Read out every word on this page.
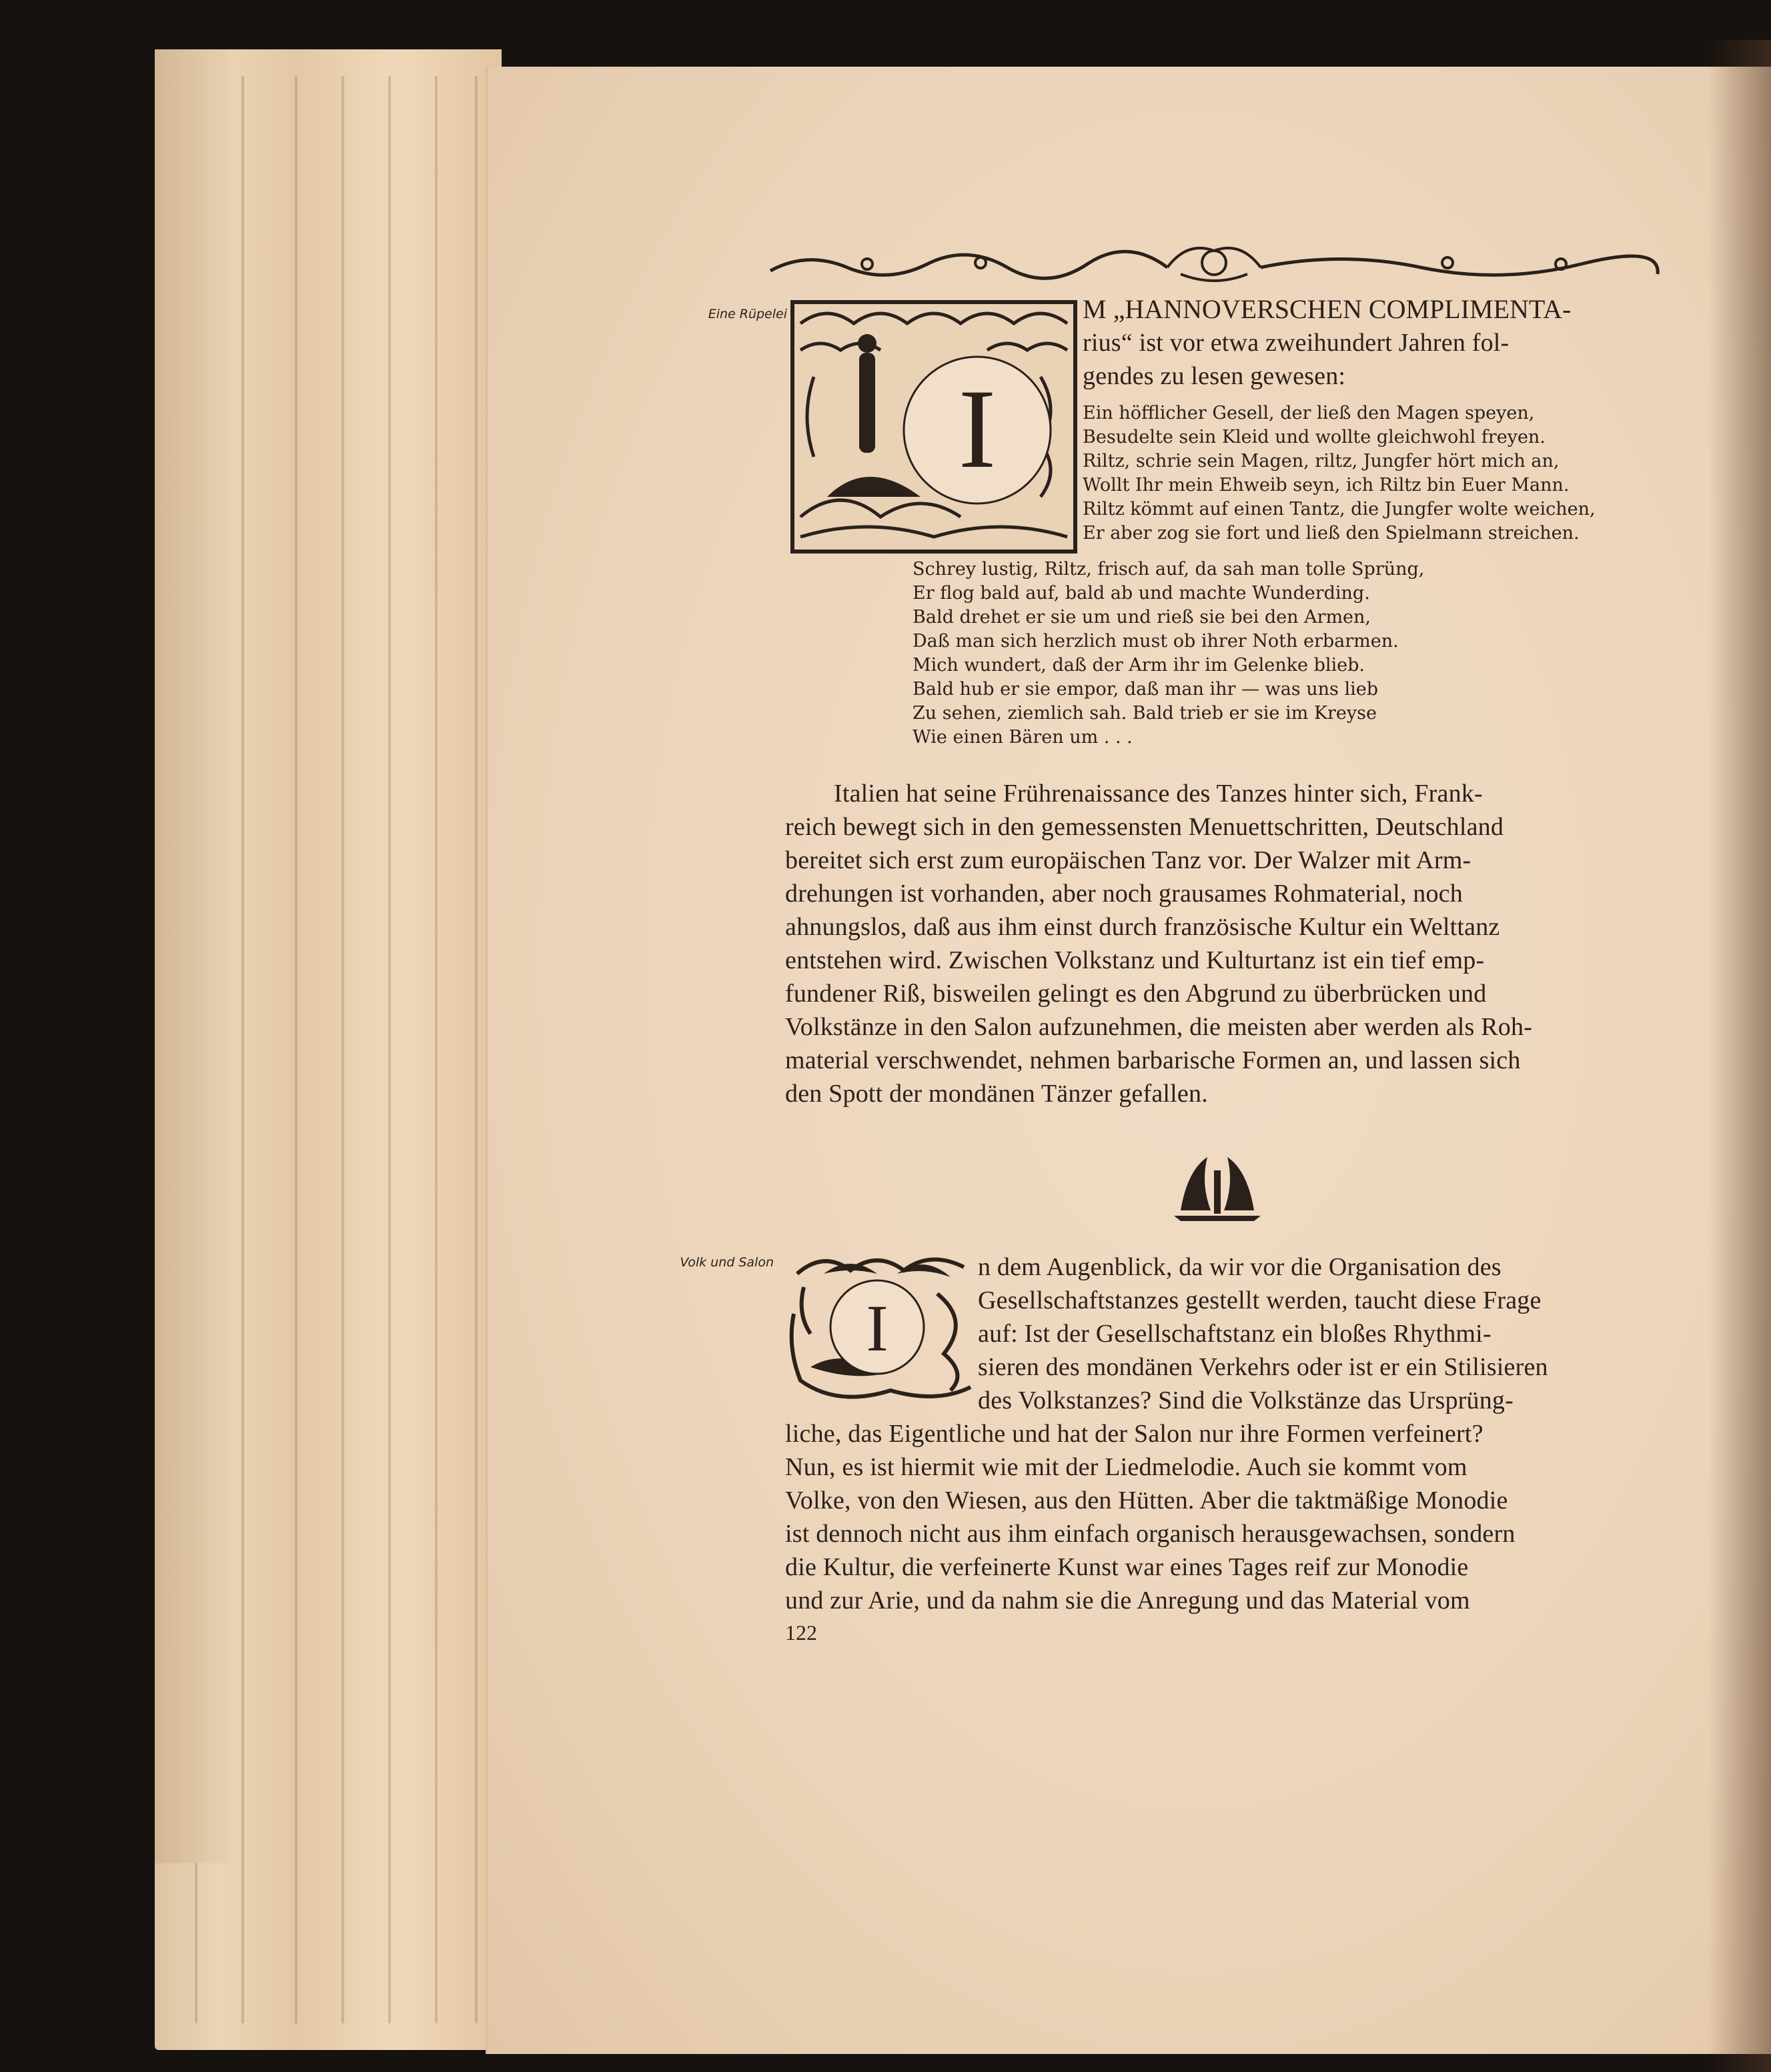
Eine Rüpelei
I
M „HANNOVERSCHEN COMPLIMENTA-
rius“ ist vor etwa zweihundert Jahren fol-
gendes zu lesen gewesen:
Ein höfflicher Gesell, der ließ den Magen speyen,
Besudelte sein Kleid und wollte gleichwohl freyen.
Riltz, schrie sein Magen, riltz, Jungfer hört mich an,
Wollt Ihr mein Ehweib seyn, ich Riltz bin Euer Mann.
Riltz kömmt auf einen Tantz, die Jungfer wolte weichen,
Er aber zog sie fort und ließ den Spielmann streichen.
Schrey lustig, Riltz, frisch auf, da sah man tolle Sprüng,
Er flog bald auf, bald ab und machte Wunderding.
Bald drehet er sie um und rieß sie bei den Armen,
Daß man sich herzlich must ob ihrer Noth erbarmen.
Mich wundert, daß der Arm ihr im Gelenke blieb.
Bald hub er sie empor, daß man ihr — was uns lieb
Zu sehen, ziemlich sah. Bald trieb er sie im Kreyse
Wie einen Bären um . . .
Italien hat seine Frührenaissance des Tanzes hinter sich, Frank-
reich bewegt sich in den gemessensten Menuettschritten, Deutschland
bereitet sich erst zum europäischen Tanz vor. Der Walzer mit Arm-
drehungen ist vorhanden, aber noch grausames Rohmaterial, noch
ahnungslos, daß aus ihm einst durch französische Kultur ein Welttanz
entstehen wird. Zwischen Volkstanz und Kulturtanz ist ein tief emp-
fundener Riß, bisweilen gelingt es den Abgrund zu überbrücken und
Volkstänze in den Salon aufzunehmen, die meisten aber werden als Roh-
material verschwendet, nehmen barbarische Formen an, und lassen sich
den Spott der mondänen Tänzer gefallen.
Volk und Salon
I
n dem Augenblick, da wir vor die Organisation des
Gesellschaftstanzes gestellt werden, taucht diese Frage
auf: Ist der Gesellschaftstanz ein bloßes Rhythmi-
sieren des mondänen Verkehrs oder ist er ein Stilisieren
des Volkstanzes? Sind die Volkstänze das Ursprüng-
liche, das Eigentliche und hat der Salon nur ihre Formen verfeinert?
Nun, es ist hiermit wie mit der Liedmelodie. Auch sie kommt vom
Volke, von den Wiesen, aus den Hütten. Aber die taktmäßige Monodie
ist dennoch nicht aus ihm einfach organisch herausgewachsen, sondern
die Kultur, die verfeinerte Kunst war eines Tages reif zur Monodie
und zur Arie, und da nahm sie die Anregung und das Material vom
122
